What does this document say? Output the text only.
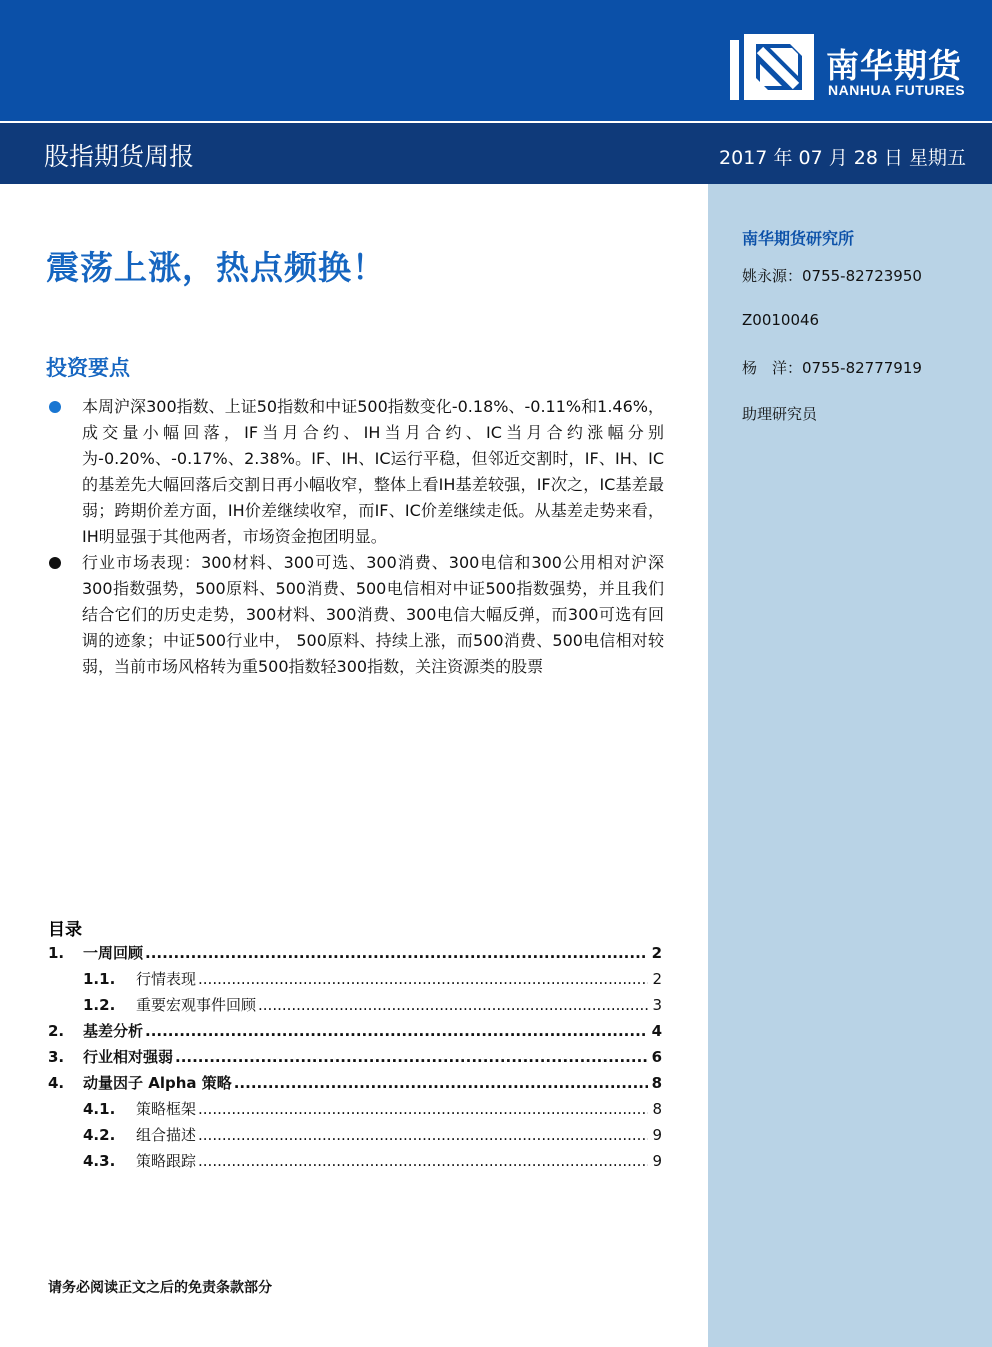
南华期货
NANHUA FUTURES
股指期货周报	2017 年 07 月 28 日 星期五
南华期货研究所
姚永源：0755-82723950
Z0010046
杨　洋：0755-82777919
助理研究员
震荡上涨，热点频换！
投资要点
本周沪深300指数、上证50指数和中证500指数变化-0.18%、-0.11%和1.46%，成交量小幅回落，IF当月合约、IH当月合约、IC当月合约涨幅分别为-0.20%、-0.17%、2.38%。IF、IH、IC运行平稳，但邻近交割时，IF、IH、IC的基差先大幅回落后交割日再小幅收窄，整体上看IH基差较强，IF次之，IC基差最弱；跨期价差方面，IH价差继续收窄，而IF、IC价差继续走低。从基差走势来看，IH明显强于其他两者，市场资金抱团明显。
行业市场表现：300材料、300可选、300消费、300电信和300公用相对沪深300指数强势，500原料、500消费、500电信相对中证500指数强势，并且我们结合它们的历史走势，300材料、300消费、300电信大幅反弹，而300可选有回调的迹象；中证500行业中， 500原料、持续上涨，而500消费、500电信相对较弱，当前市场风格转为重500指数轻300指数，关注资源类的股票
目录
1.	一周回顾 .....	2
1.1.	行情表现 .....	2
1.2.	重要宏观事件回顾 .....	3
2.	基差分析 .....	4
3.	行业相对强弱 .....	6
4.	动量因子 Alpha 策略 .....	8
4.1.	策略框架 .....	8
4.2.	组合描述 .....	9
4.3.	策略跟踪 .....	9
请务必阅读正文之后的免责条款部分
